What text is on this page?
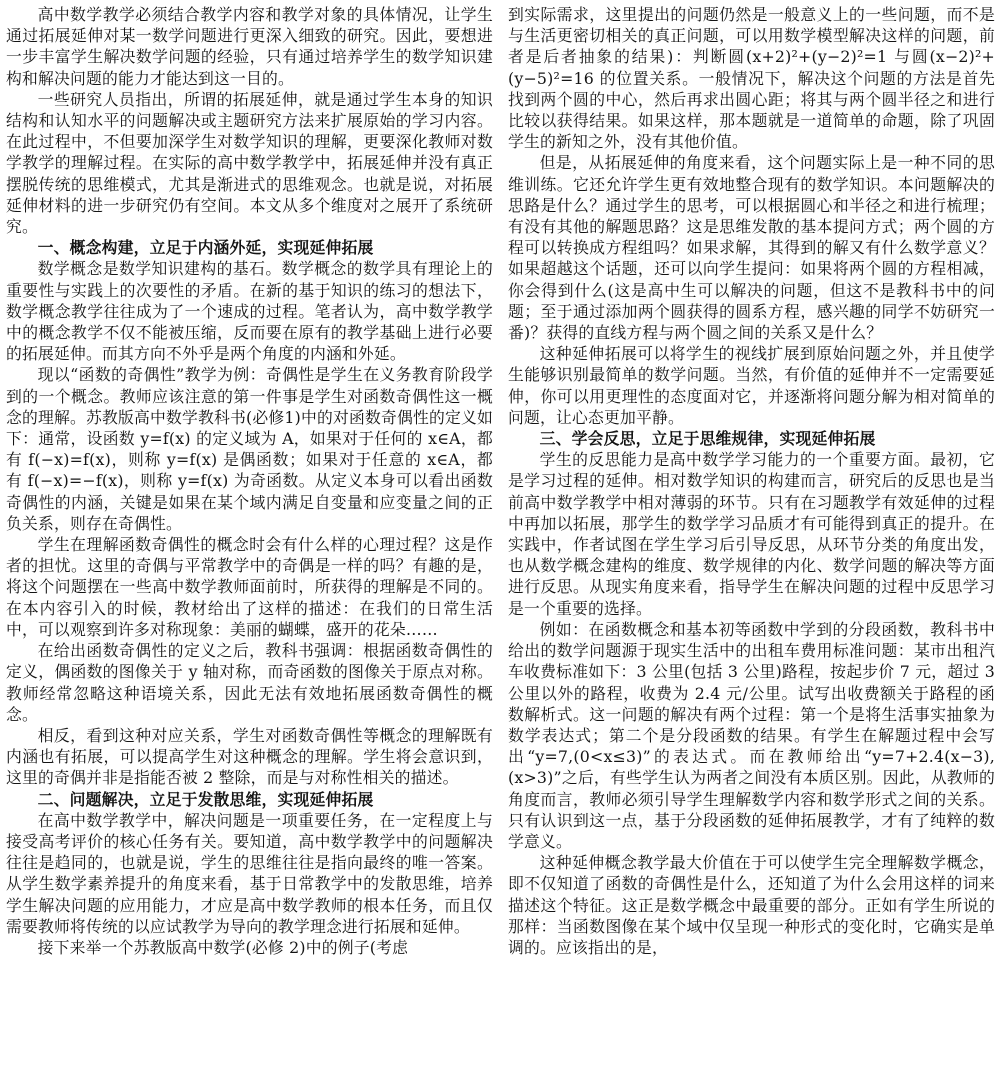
高中数学教学必须结合教学内容和教学对象的具体情况，让学生通过拓展延伸对某一数学问题进行更深入细致的研究。因此，要想进一步丰富学生解决数学问题的经验，只有通过培养学生的数学知识建构和解决问题的能力才能达到这一目的。

一些研究人员指出，所谓的拓展延伸，就是通过学生本身的知识结构和认知水平的问题解决或主题研究方法来扩展原始的学习内容。在此过程中，不但要加深学生对数学知识的理解，更要深化教师对数学教学的理解过程。在实际的高中数学教学中，拓展延伸并没有真正摆脱传统的思维模式，尤其是渐进式的思维观念。也就是说，对拓展延伸材料的进一步研究仍有空间。本文从多个维度对之展开了系统研究。

一、概念构建，立足于内涵外延，实现延伸拓展

数学概念是数学知识建构的基石。数学概念的数学具有理论上的重要性与实践上的次要性的矛盾。在新的基于知识的练习的想法下，数学概念教学往往成为了一个速成的过程。笔者认为，高中数学教学中的概念教学不仅不能被压缩，反而要在原有的教学基础上进行必要的拓展延伸。而其方向不外乎是两个角度的内涵和外延。

现以“函数的奇偶性”教学为例：奇偶性是学生在义务教育阶段学到的一个概念。教师应该注意的第一件事是学生对函数奇偶性这一概念的理解。苏教版高中数学教科书(必修1)中的对函数奇偶性的定义如下：通常，设函数 y=f(x) 的定义域为 A，如果对于任何的 x∈A，都有 f(−x)=f(x)，则称 y=f(x) 是偶函数；如果对于任意的 x∈A，都有 f(−x)=−f(x)，则称 y=f(x) 为奇函数。从定义本身可以看出函数奇偶性的内涵，关键是如果在某个域内满足自变量和应变量之间的正负关系，则存在奇偶性。

学生在理解函数奇偶性的概念时会有什么样的心理过程？这是作者的担忧。这里的奇偶与平常教学中的奇偶是一样的吗？有趣的是，将这个问题摆在一些高中数学教师面前时，所获得的理解是不同的。在本内容引入的时候，教材给出了这样的描述：在我们的日常生活中，可以观察到许多对称现象：美丽的蝴蝶，盛开的花朵……

在给出函数奇偶性的定义之后，教科书强调：根据函数奇偶性的定义，偶函数的图像关于 y 轴对称，而奇函数的图像关于原点对称。教师经常忽略这种语境关系，因此无法有效地拓展函数奇偶性的概念。

相反，看到这种对应关系，学生对函数奇偶性等概念的理解既有内涵也有拓展，可以提高学生对这种概念的理解。学生将会意识到，这里的奇偶并非是指能否被 2 整除，而是与对称性相关的描述。

二、问题解决，立足于发散思维，实现延伸拓展

在高中数学教学中，解决问题是一项重要任务，在一定程度上与接受高考评价的核心任务有关。要知道，高中数学教学中的问题解决往往是趋同的，也就是说，学生的思维往往是指向最终的唯一答案。从学生数学素养提升的角度来看，基于日常教学中的发散思维，培养学生解决问题的应用能力，才应是高中数学教师的根本任务，而且仅需要教师将传统的以应试教学为导向的教学理念进行拓展和延伸。

接下来举一个苏教版高中数学(必修 2)中的例子(考虑

到实际需求，这里提出的问题仍然是一般意义上的一些问题，而不是与生活更密切相关的真正问题，可以用数学模型解决这样的问题，前者是后者抽象的结果)：判断圆(x+2)²+(y−2)²=1 与圆(x−2)²+(y−5)²=16 的位置关系。一般情况下，解决这个问题的方法是首先找到两个圆的中心，然后再求出圆心距；将其与两个圆半径之和进行比较以获得结果。如果这样，那本题就是一道简单的命题，除了巩固学生的新知之外，没有其他价值。

但是，从拓展延伸的角度来看，这个问题实际上是一种不同的思维训练。它还允许学生更有效地整合现有的数学知识。本问题解决的思路是什么？通过学生的思考，可以根据圆心和半径之和进行梳理；有没有其他的解题思路？这是思维发散的基本提问方式；两个圆的方程可以转换成方程组吗？如果求解，其得到的解又有什么数学意义？如果超越这个话题，还可以向学生提问：如果将两个圆的方程相减，你会得到什么(这是高中生可以解决的问题，但这不是教科书中的问题；至于通过添加两个圆获得的圆系方程，感兴趣的同学不妨研究一番)？获得的直线方程与两个圆之间的关系又是什么？

这种延伸拓展可以将学生的视线扩展到原始问题之外，并且使学生能够识别最简单的数学问题。当然，有价值的延伸并不一定需要延伸，你可以用更理性的态度面对它，并逐渐将问题分解为相对简单的问题，让心态更加平静。

三、学会反思，立足于思维规律，实现延伸拓展

学生的反思能力是高中数学学习能力的一个重要方面。最初，它是学习过程的延伸。相对数学知识的构建而言，研究后的反思也是当前高中数学教学中相对薄弱的环节。只有在习题教学有效延伸的过程中再加以拓展，那学生的数学学习品质才有可能得到真正的提升。在实践中，作者试图在学生学习后引导反思，从环节分类的角度出发，也从数学概念建构的维度、数学规律的内化、数学问题的解决等方面进行反思。从现实角度来看，指导学生在解决问题的过程中反思学习是一个重要的选择。

例如：在函数概念和基本初等函数中学到的分段函数，教科书中给出的数学问题源于现实生活中的出租车费用标准问题：某市出租汽车收费标准如下：3 公里(包括 3 公里)路程，按起步价 7 元，超过 3 公里以外的路程，收费为 2.4 元/公里。试写出收费额关于路程的函数解析式。这一问题的解决有两个过程：第一个是将生活事实抽象为数学表达式；第二个是分段函数的结果。有学生在解题过程中会写出“y=7,(0<x≤3)”的表达式。而在教师给出“y=7+2.4(x−3),(x>3)”之后，有些学生认为两者之间没有本质区别。因此，从教师的角度而言，教师必须引导学生理解数学内容和数学形式之间的关系。只有认识到这一点，基于分段函数的延伸拓展教学，才有了纯粹的数学意义。

这种延伸概念教学最大价值在于可以使学生完全理解数学概念，即不仅知道了函数的奇偶性是什么，还知道了为什么会用这样的词来描述这个特征。这正是数学概念中最重要的部分。正如有学生所说的那样：当函数图像在某个域中仅呈现一种形式的变化时，它确实是单调的。应该指出的是，
